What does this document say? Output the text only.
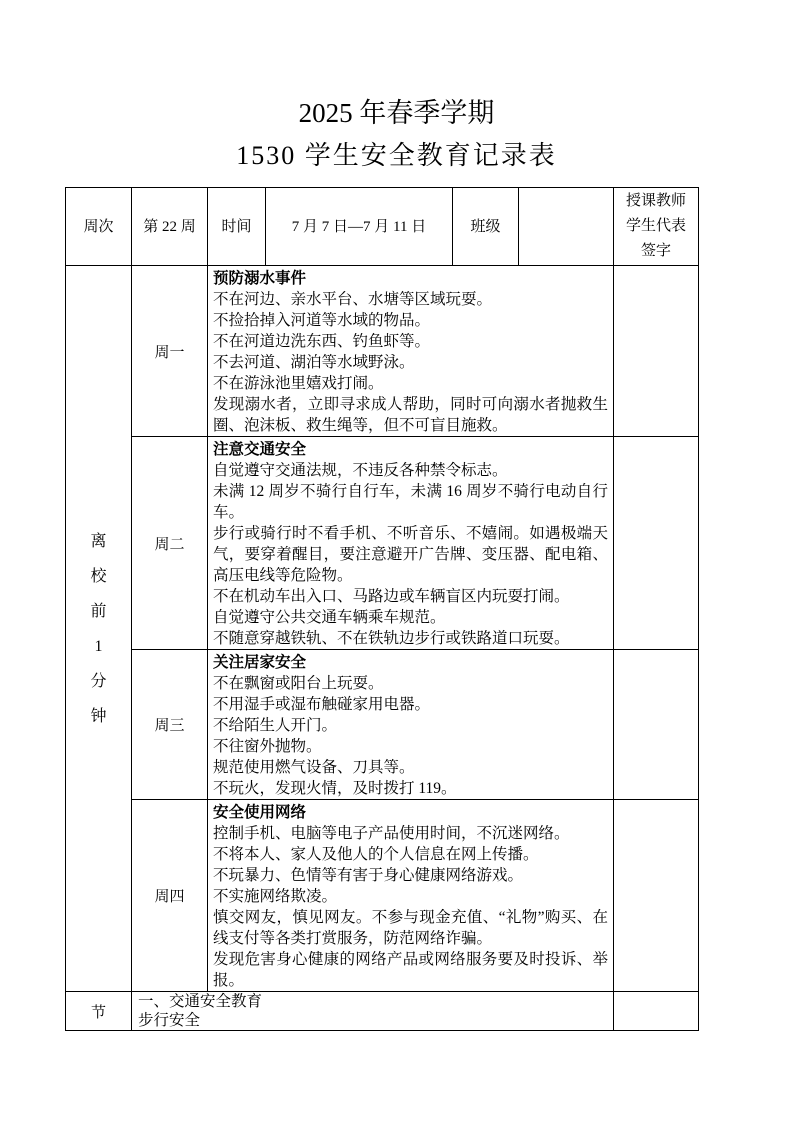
2025 年春季学期
1530 学生安全教育记录表
周次	第 22 周	时间	7 月 7 日—7 月 11 日	班级		授课教师
学生代表
签字

离校前1分钟
	周一	
预防溺水事件
不在河边、亲水平台、水塘等区域玩耍。
不捡拾掉入河道等水域的物品。
不在河道边洗东西、钓鱼虾等。
不去河道、湖泊等水域野泳。
不在游泳池里嬉戏打闹。
发现溺水者，立即寻求成人帮助，同时可向溺水者抛救生圈、泡沫板、救生绳等，但不可盲目施救。

周二	
注意交通安全
自觉遵守交通法规，不违反各种禁令标志。
未满 12 周岁不骑行自行车，未满 16 周岁不骑行电动自行车。
步行或骑行时不看手机、不听音乐、不嬉闹。如遇极端天气，要穿着醒目，要注意避开广告牌、变压器、配电箱、高压电线等危险物。
不在机动车出入口、马路边或车辆盲区内玩耍打闹。
自觉遵守公共交通车辆乘车规范。
不随意穿越铁轨、不在铁轨边步行或铁路道口玩耍。

周三	
关注居家安全
不在飘窗或阳台上玩耍。
不用湿手或湿布触碰家用电器。
不给陌生人开门。
不往窗外抛物。
规范使用燃气设备、刀具等。
不玩火，发现火情，及时拨打 119。

周四	
安全使用网络
控制手机、电脑等电子产品使用时间，不沉迷网络。
不将本人、家人及他人的个人信息在网上传播。
不玩暴力、色情等有害于身心健康网络游戏。
不实施网络欺凌。
慎交网友，慎见网友。不参与现金充值、“礼物”购买、在线支付等各类打赏服务，防范网络诈骗。
发现危害身心健康的网络产品或网络服务要及时投诉、举报。

节	一、交通安全教育
步行安全					
